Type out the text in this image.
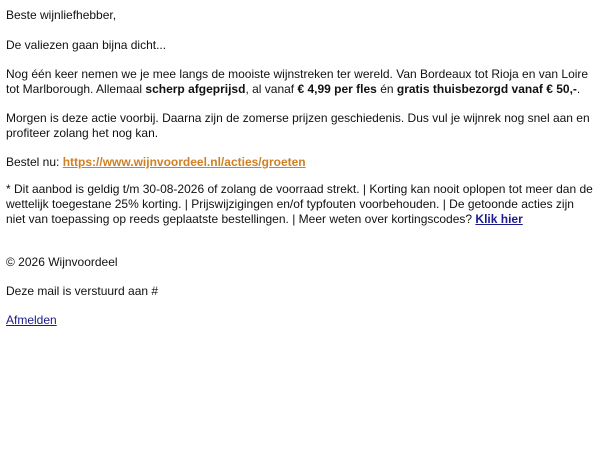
Beste wijnliefhebber,

De valiezen gaan bijna dicht...

Nog één keer nemen we je mee langs de mooiste wijnstreken ter wereld. Van Bordeaux tot Rioja en van Loire tot Marlborough. Allemaal scherp afgeprijsd, al vanaf € 4,99 per fles én gratis thuisbezorgd vanaf € 50,-.

Morgen is deze actie voorbij. Daarna zijn de zomerse prijzen geschiedenis. Dus vul je wijnrek nog snel aan en profiteer zolang het nog kan.

Bestel nu: https://www.wijnvoordeel.nl/acties/groeten

* Dit aanbod is geldig t/m 30-08-2026 of zolang de voorraad strekt. | Korting kan nooit oplopen tot meer dan de wettelijk toegestane 25% korting. | Prijswijzigingen en/of typfouten voorbehouden. | De getoonde acties zijn niet van toepassing op reeds geplaatste bestellingen. | Meer weten over kortingscodes? Klik hier

© 2026 Wijnvoordeel

Deze mail is verstuurd aan #

Afmelden
